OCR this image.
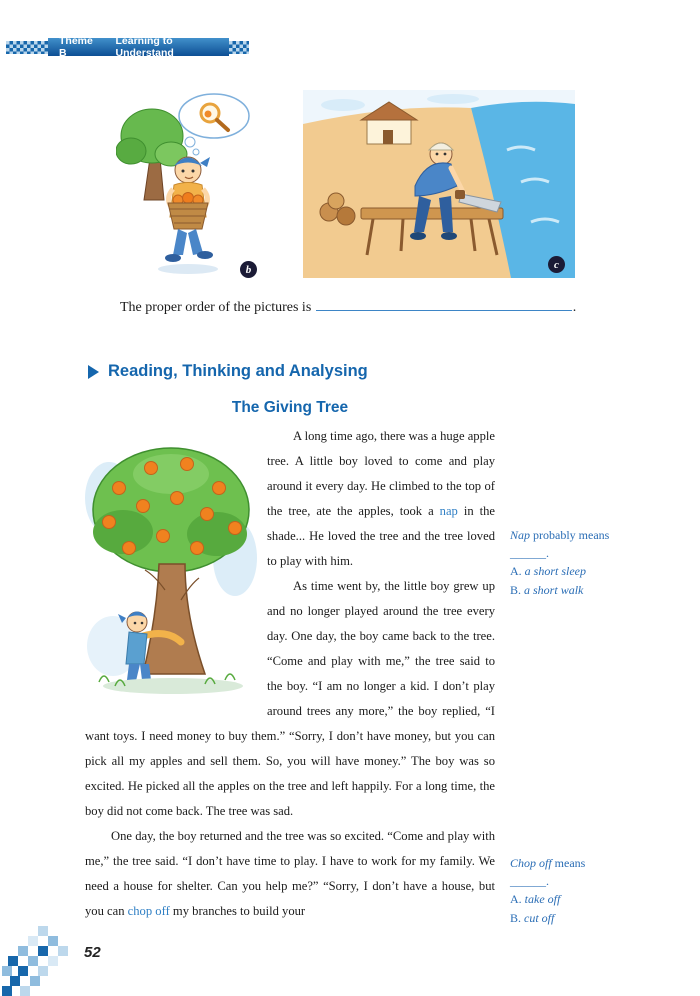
Theme B
Learning to Understand
b	c
The proper order of the pictures is	.
Reading, Thinking and Analysing
The Giving Tree

A long time ago, there was a huge apple tree. A little boy loved to come and play around it every day. He climbed to the top of the tree, ate the apples, took a nap in the shade... He loved the tree and the tree loved to play with him.

As time went by, the little boy grew up and no longer played around the tree every day. One day, the boy came back to the tree. “Come and play with me,” the tree said to the boy. “I am no longer a kid. I don’t play around trees any more,” the boy replied, “I want toys. I need money to buy them.” “Sorry, I don’t have money, but you can pick all my apples and sell them. So, you will have money.” The boy was so excited. He picked all the apples on the tree and left happily. For a long time, the boy did not come back. The tree was sad.

One day, the boy returned and the tree was so excited. “Come and play with me,” the tree said. “I don’t have time to play. I have to work for my family. We need a house for shelter. Can you help me?” “Sorry, I don’t have a house, but you can chop off my branches to build your

Nap probably means ______.
A. a short sleep
B. a short walk
Chop off means ______.
A. take off
B. cut off
52
